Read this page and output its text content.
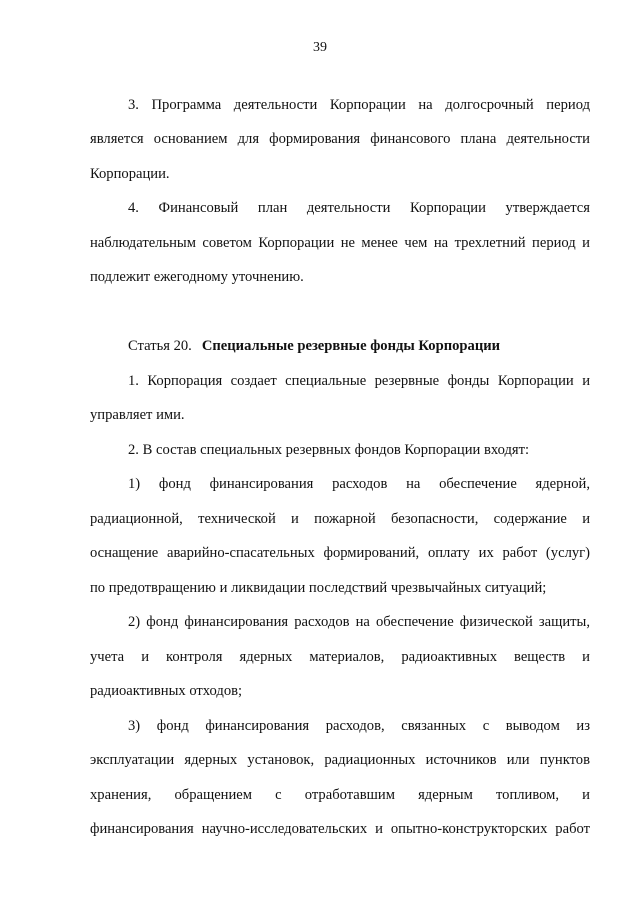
39
3. Программа деятельности Корпорации на долгосрочный период
является основанием для формирования финансового плана деятельности
Корпорации.
4. Финансовый план деятельности Корпорации утверждается
наблюдательным советом Корпорации не менее чем на трехлетний период и
подлежит ежегодному уточнению.
Статья 20. Специальные резервные фонды Корпорации
1. Корпорация создает специальные резервные фонды Корпорации и
управляет ими.
2. В состав специальных резервных фондов Корпорации входят:
1) фонд финансирования расходов на обеспечение ядерной,
радиационной, технической и пожарной безопасности, содержание и
оснащение аварийно-спасательных формирований, оплату их работ (услуг)
по предотвращению и ликвидации последствий чрезвычайных ситуаций;
2) фонд финансирования расходов на обеспечение физической защиты,
учета и контроля ядерных материалов, радиоактивных веществ и
радиоактивных отходов;
3) фонд финансирования расходов, связанных с выводом из
эксплуатации ядерных установок, радиационных источников или пунктов
хранения, обращением с отработавшим ядерным топливом, и
финансирования научно-исследовательских и опытно-конструкторских работ
